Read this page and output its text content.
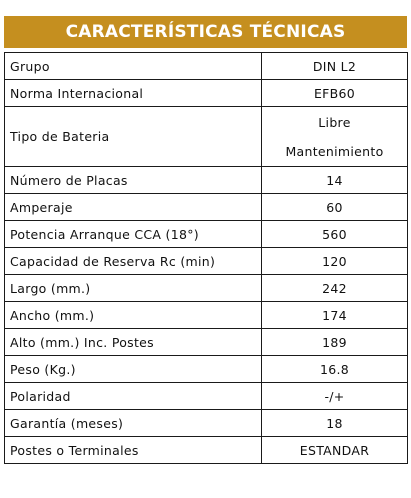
CARACTERÍSTICAS TÉCNICAS
Grupo	DIN L2
Norma Internacional	EFB60
Tipo de Bateria	Libre
Mantenimiento

Número de Placas	14
Amperaje	60
Potencia Arranque CCA (18°)	560
Capacidad de Reserva Rc (min)	120
Largo (mm.)	242
Ancho (mm.)	174
Alto (mm.) Inc. Postes	189
Peso (Kg.)	16.8
Polaridad	-/+
Garantía (meses)	18
Postes o Terminales	ESTANDAR
